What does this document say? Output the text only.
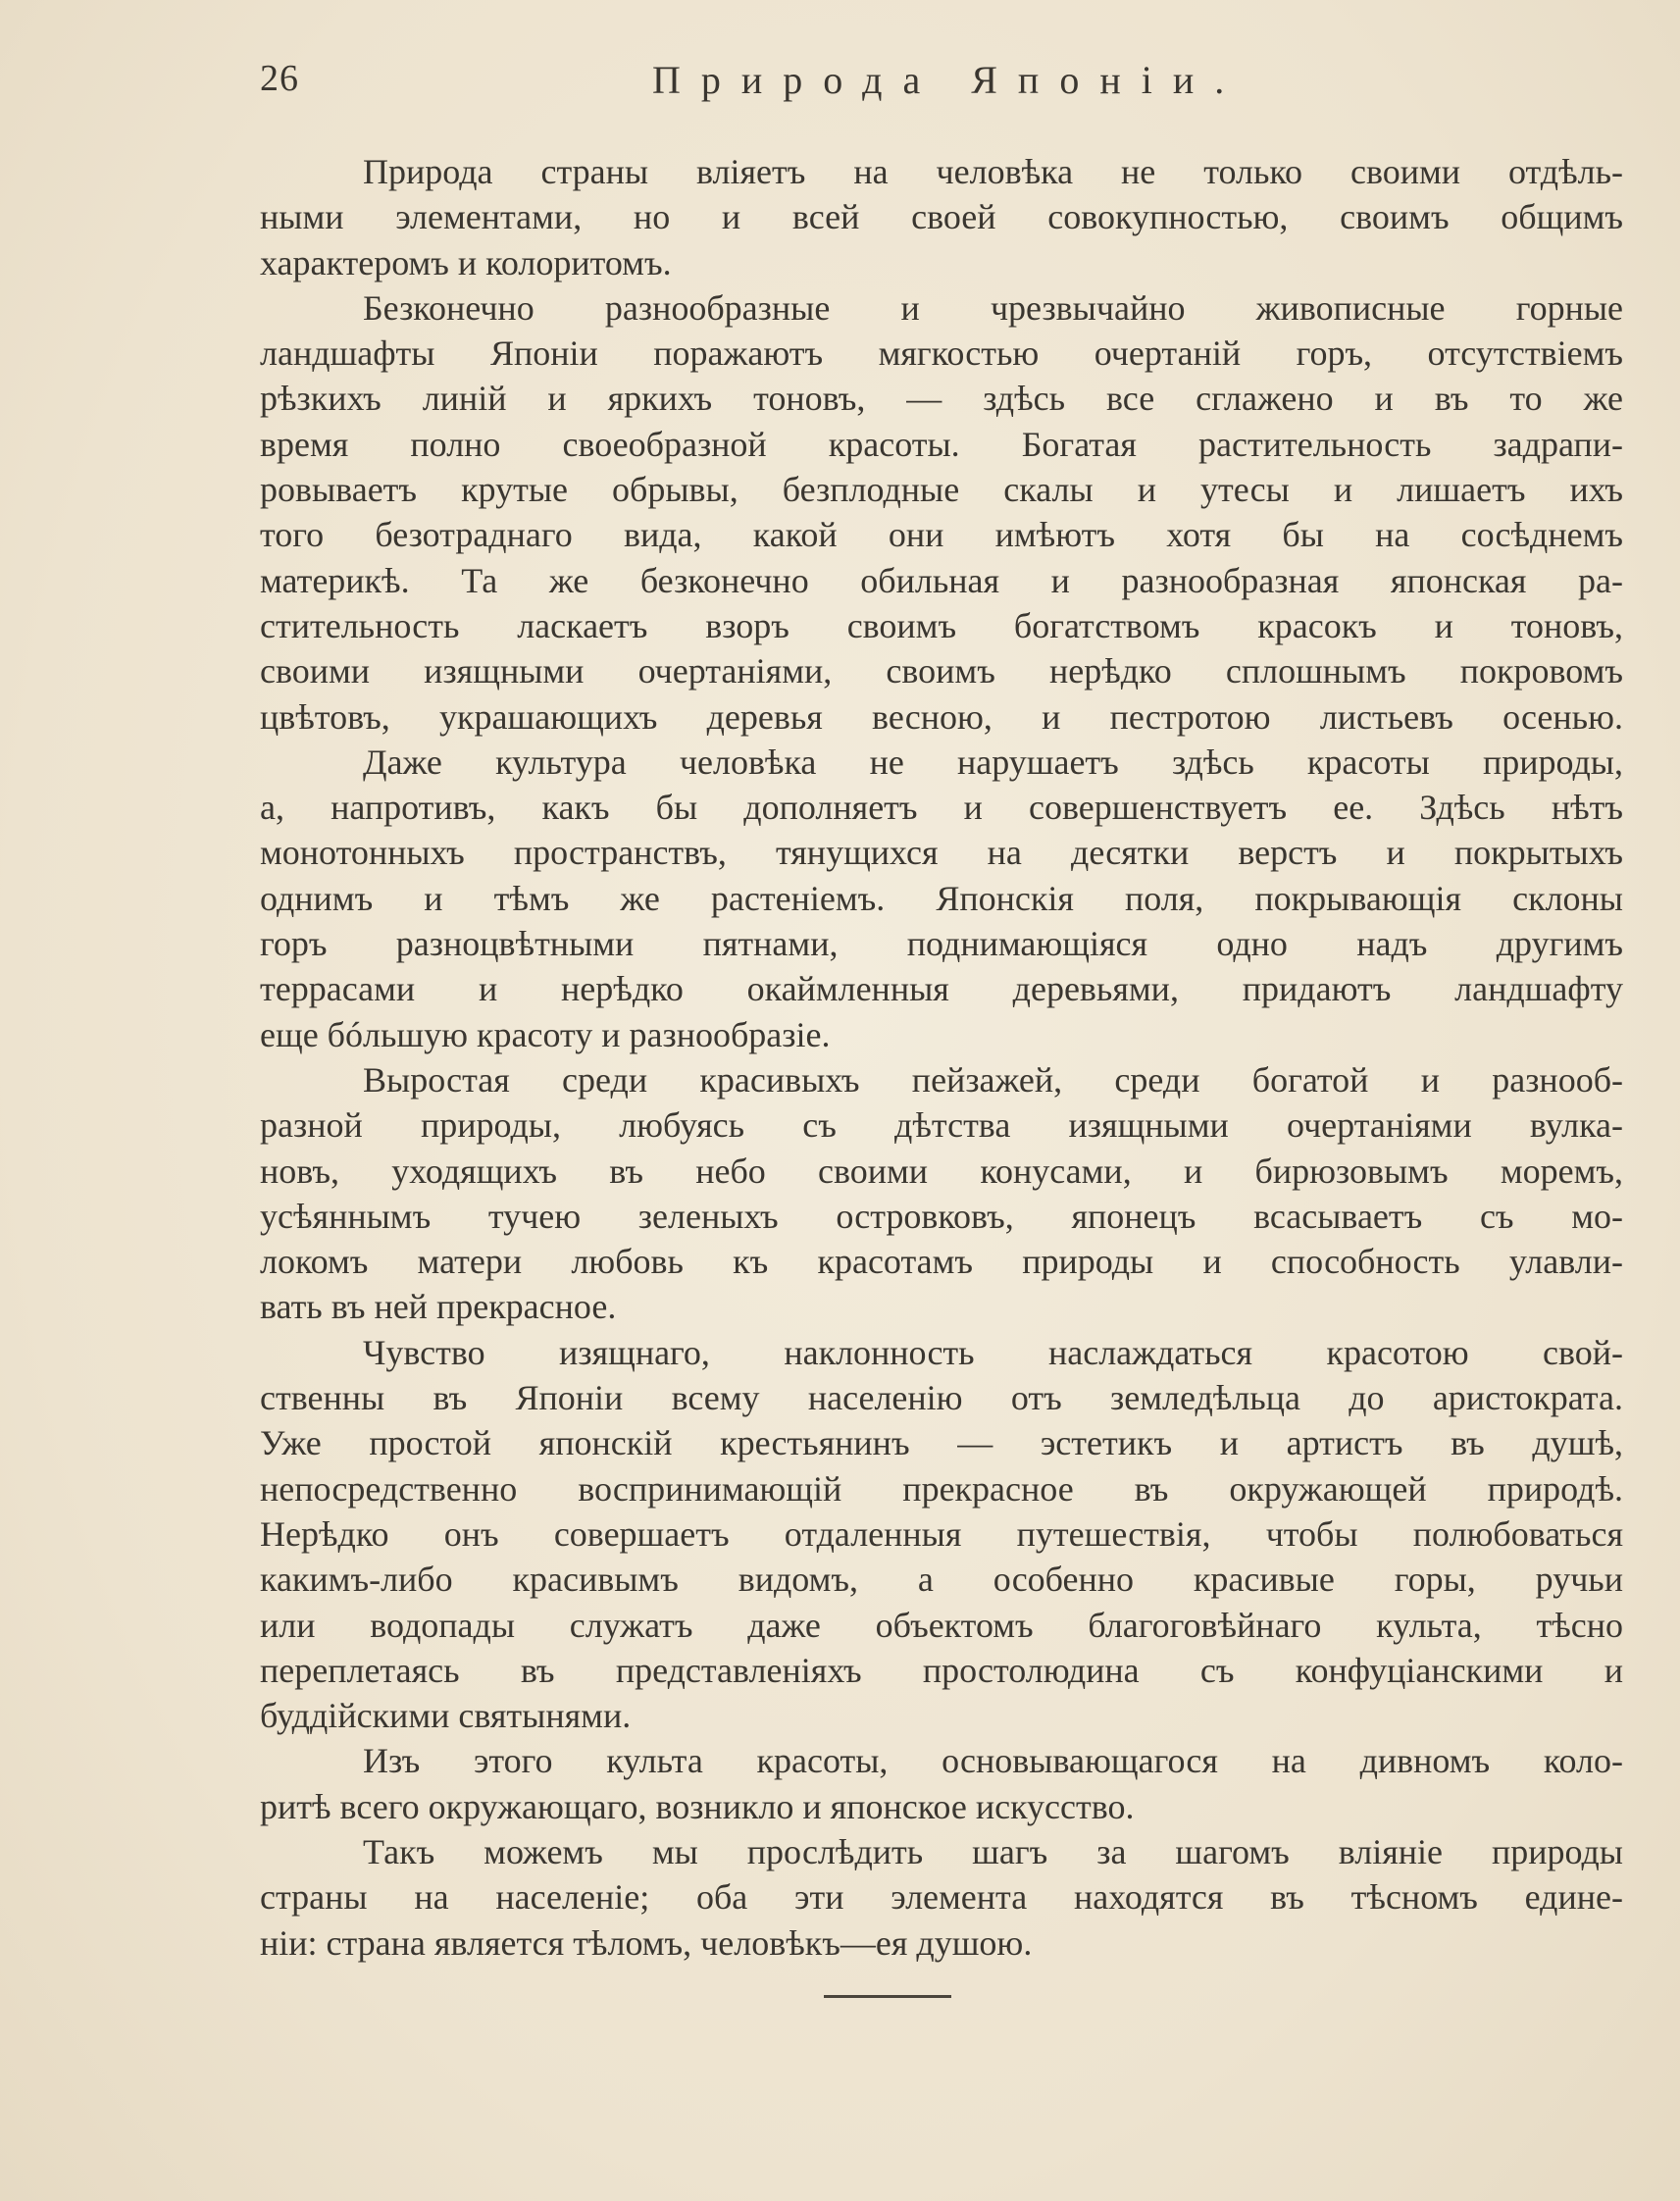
26	Природа Японіи.
Природа страны вліяетъ на человѣка не только своими отдѣль-
ными элементами, но и всей своей совокупностью, своимъ общимъ
характеромъ и колоритомъ.
Безконечно разнообразные и чрезвычайно живописные горные
ландшафты Японіи поражаютъ мягкостью очертаній горъ, отсутствіемъ
рѣзкихъ линій и яркихъ тоновъ, — здѣсь все сглажено и въ то же
время полно своеобразной красоты. Богатая растительность задрапи-
ровываетъ крутые обрывы, безплодные скалы и утесы и лишаетъ ихъ
того безотраднаго вида, какой они имѣютъ хотя бы на сосѣднемъ
материкѣ. Та же безконечно обильная и разнообразная японская ра-
стительность ласкаетъ взоръ своимъ богатствомъ красокъ и тоновъ,
своими изящными очертаніями, своимъ нерѣдко сплошнымъ покровомъ
цвѣтовъ, украшающихъ деревья весною, и пестротою листьевъ осенью.
Даже культура человѣка не нарушаетъ здѣсь красоты природы,
а, напротивъ, какъ бы дополняетъ и совершенствуетъ ее. Здѣсь нѣтъ
монотонныхъ пространствъ, тянущихся на десятки верстъ и покрытыхъ
однимъ и тѣмъ же растеніемъ. Японскія поля, покрывающія склоны
горъ разноцвѣтными пятнами, поднимающіяся одно надъ другимъ
террасами и нерѣдко окаймленныя деревьями, придаютъ ландшафту
еще бóльшую красоту и разнообразіе.
Выростая среди красивыхъ пейзажей, среди богатой и разнооб-
разной природы, любуясь съ дѣтства изящными очертаніями вулка-
новъ, уходящихъ въ небо своими конусами, и бирюзовымъ моремъ,
усѣяннымъ тучею зеленыхъ островковъ, японецъ всасываетъ съ мо-
локомъ матери любовь къ красотамъ природы и способность улавли-
вать въ ней прекрасное.
Чувство изящнаго, наклонность наслаждаться красотою свой-
ственны въ Японіи всему населенію отъ земледѣльца до аристократа.
Уже простой японскій крестьянинъ — эстетикъ и артистъ въ душѣ,
непосредственно воспринимающій прекрасное въ окружающей природѣ.
Нерѣдко онъ совершаетъ отдаленныя путешествія, чтобы полюбоваться
какимъ-либо красивымъ видомъ, а особенно красивые горы, ручьи
или водопады служатъ даже объектомъ благоговѣйнаго культа, тѣсно
переплетаясь въ представленіяхъ простолюдина съ конфуціанскими и
буддійскими святынями.
Изъ этого культа красоты, основывающагося на дивномъ коло-
ритѣ всего окружающаго, возникло и японское искусство.
Такъ можемъ мы прослѣдить шагъ за шагомъ вліяніе природы
страны на населеніе; оба эти элемента находятся въ тѣсномъ едине-
ніи: страна является тѣломъ, человѣкъ—ея душою.
